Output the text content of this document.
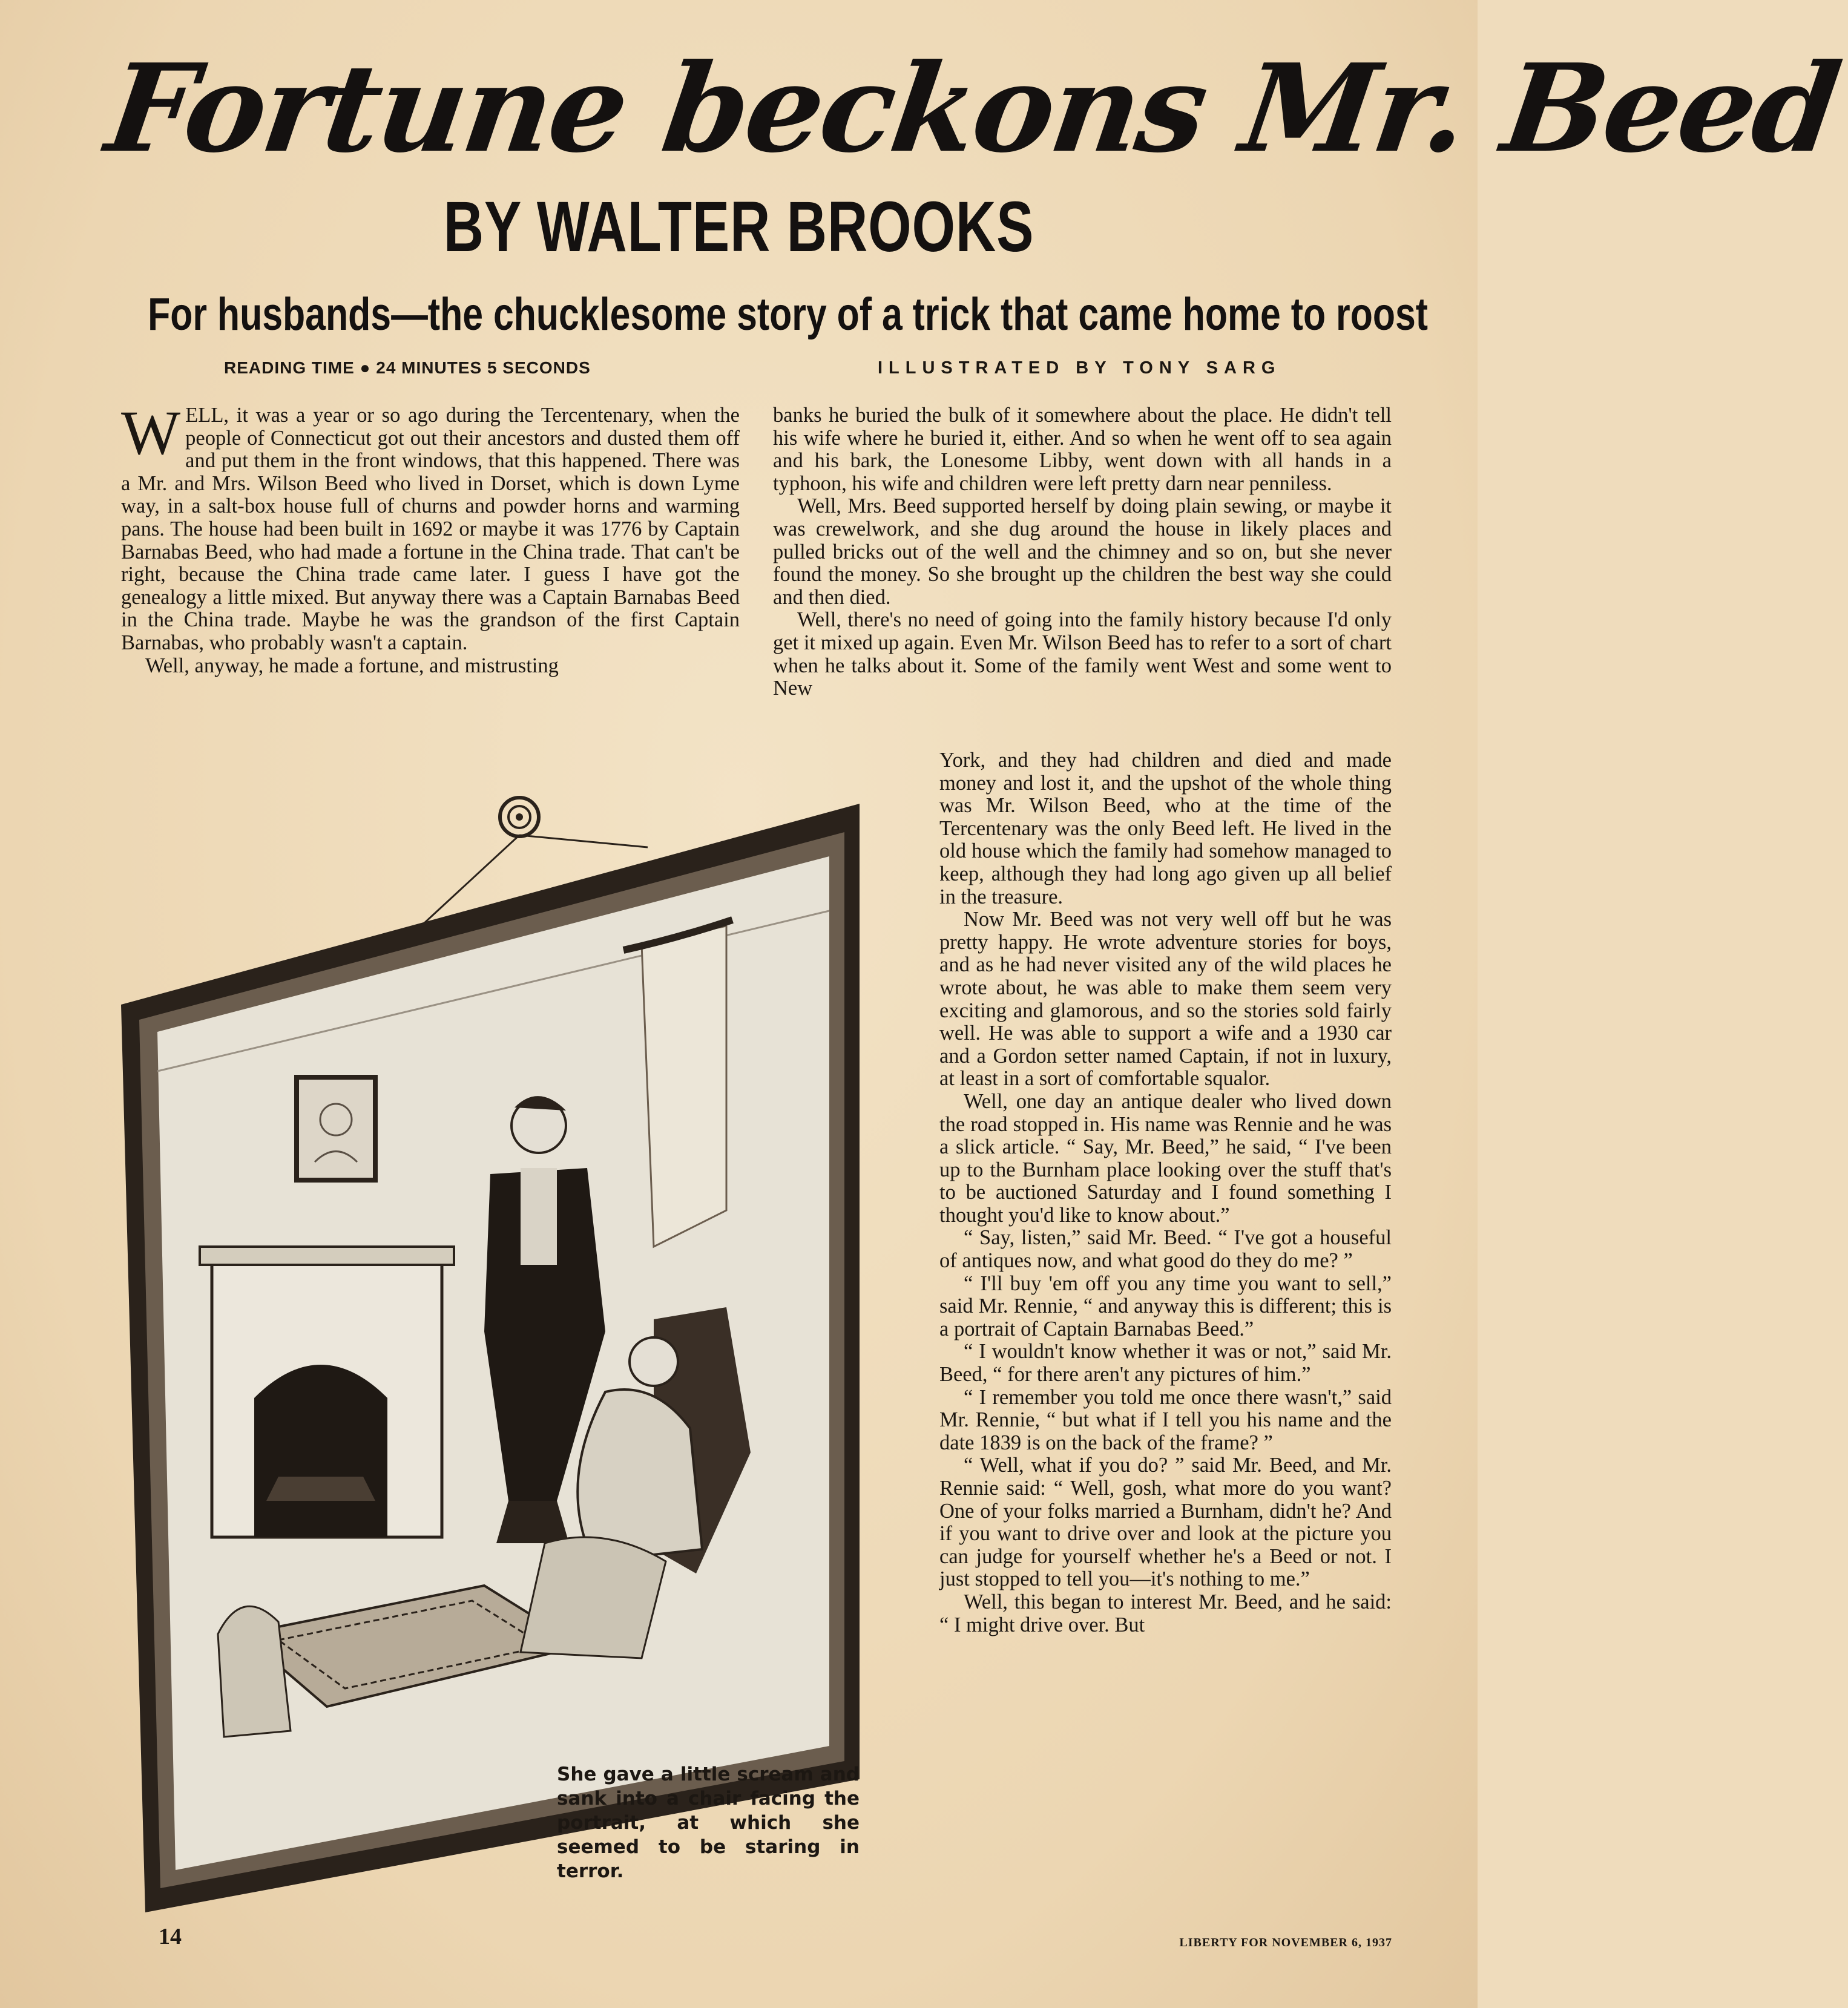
Fortune beckons Mr. Beed
BY WALTER BROOKS
For husbands—the chucklesome story of a trick that came home to roost
READING TIME ● 24 MINUTES 5 SECONDS	ILLUSTRATED BY TONY SARG

WELL, it was a year or so ago during the Tercentenary, when the people of Connecticut got out their ancestors and dusted them off and put them in the front windows, that this happened. There was a Mr. and Mrs. Wilson Beed who lived in Dorset, which is down Lyme way, in a salt-box house full of churns and powder horns and warming pans. The house had been built in 1692 or maybe it was 1776 by Captain Barnabas Beed, who had made a fortune in the China trade. That can't be right, because the China trade came later. I guess I have got the genealogy a little mixed. But anyway there was a Captain Barnabas Beed in the China trade. Maybe he was the grandson of the first Captain Barnabas, who probably wasn't a captain.

Well, anyway, he made a fortune, and mistrusting

banks he buried the bulk of it somewhere about the place. He didn't tell his wife where he buried it, either. And so when he went off to sea again and his bark, the Lonesome Libby, went down with all hands in a typhoon, his wife and children were left pretty darn near penniless.

Well, Mrs. Beed supported herself by doing plain sewing, or maybe it was crewelwork, and she dug around the house in likely places and pulled bricks out of the well and the chimney and so on, but she never found the money. So she brought up the children the best way she could and then died.

Well, there's no need of going into the family history because I'd only get it mixed up again. Even Mr. Wilson Beed has to refer to a sort of chart when he talks about it. Some of the family went West and some went to New

York, and they had children and died and made money and lost it, and the upshot of the whole thing was Mr. Wilson Beed, who at the time of the Tercentenary was the only Beed left. He lived in the old house which the family had somehow managed to keep, although they had long ago given up all belief in the treasure.

Now Mr. Beed was not very well off but he was pretty happy. He wrote adventure stories for boys, and as he had never visited any of the wild places he wrote about, he was able to make them seem very exciting and glamorous, and so the stories sold fairly well. He was able to support a wife and a 1930 car and a Gordon setter named Captain, if not in luxury, at least in a sort of comfortable squalor.

Well, one day an antique dealer who lived down the road stopped in. His name was Rennie and he was a slick article. “ Say, Mr. Beed,” he said, “ I've been up to the Burnham place looking over the stuff that's to be auctioned Saturday and I found something I thought you'd like to know about.”

“ Say, listen,” said Mr. Beed. “ I've got a houseful of antiques now, and what good do they do me? ”

“ I'll buy 'em off you any time you want to sell,” said Mr. Rennie, “ and anyway this is different; this is a portrait of Captain Barnabas Beed.”

“ I wouldn't know whether it was or not,” said Mr. Beed, “ for there aren't any pictures of him.”

“ I remember you told me once there wasn't,” said Mr. Rennie, “ but what if I tell you his name and the date 1839 is on the back of the frame? ”

“ Well, what if you do? ” said Mr. Beed, and Mr. Rennie said: “ Well, gosh, what more do you want? One of your folks married a Burnham, didn't he? And if you want to drive over and look at the picture you can judge for yourself whether he's a Beed or not. I just stopped to tell you—it's nothing to me.”

Well, this began to interest Mr. Beed, and he said: “ I might drive over. But

She gave a little scream and sank into a chair facing the portrait, at which she seemed to be staring in terror.
14	LIBERTY FOR NOVEMBER 6, 1937
